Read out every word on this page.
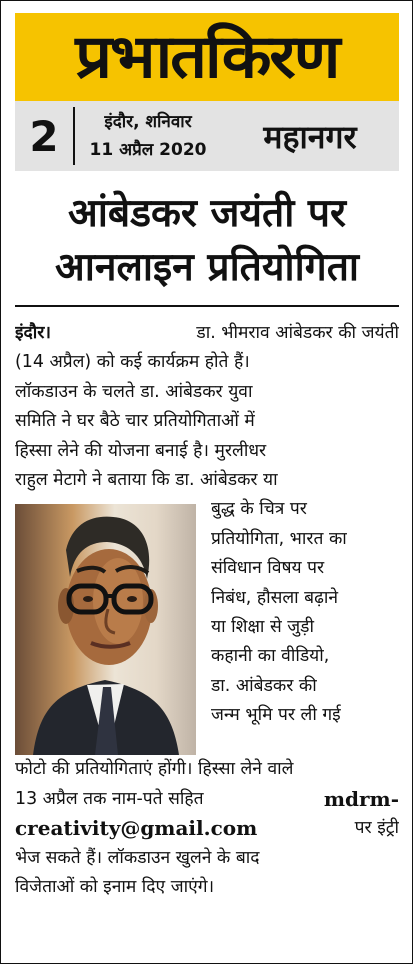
प्रभातकिरण
2	इंदौर, शनिवार
11 अप्रैल 2020	महानगर
आंबेडकर जयंती पर
आनलाइन प्रतियोगिता
इंदौर।	डा. भीमराव आंबेडकर की जयंती
(14 अप्रैल) को कई कार्यक्रम होते हैं।
लॉकडाउन के चलते डा. आंबेडकर युवा
समिति ने घर बैठे चार प्रतियोगिताओं में
हिस्सा लेने की योजना बनाई है। मुरलीधर
राहुल मेटागे ने बताया कि डा. आंबेडकर या
बुद्ध के चित्र पर
प्रतियोगिता, भारत का
संविधान विषय पर
निबंध, हौसला बढ़ाने
या शिक्षा से जुड़ी
कहानी का वीडियो,
डा. आंबेडकर की
जन्म भूमि पर ली गई
फोटो की प्रतियोगिताएं होंगी। हिस्सा लेने वाले
13 अप्रैल तक नाम-पते सहित	mdrm-
creativity@gmail.com	पर इंट्री
भेज सकते हैं। लॉकडाउन खुलने के बाद
विजेताओं को इनाम दिए जाएंगे।
